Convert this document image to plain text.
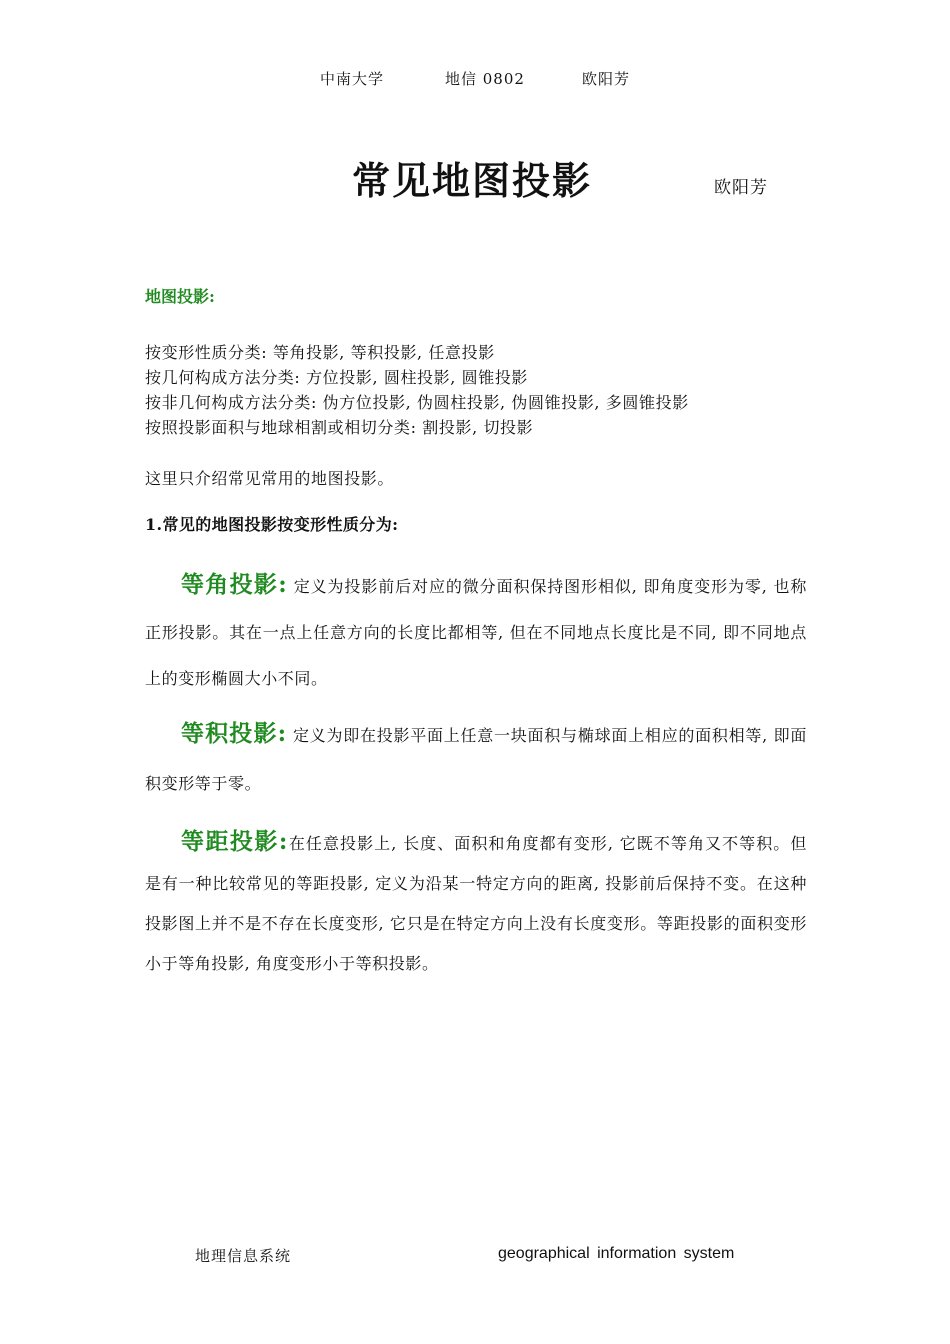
中南大学	地信 0802	欧阳芳
常见地图投影	欧阳芳
地图投影:
按变形性质分类: 等角投影, 等积投影, 任意投影
按几何构成方法分类: 方位投影, 圆柱投影, 圆锥投影
按非几何构成方法分类: 伪方位投影, 伪圆柱投影, 伪圆锥投影, 多圆锥投影
按照投影面积与地球相割或相切分类: 割投影, 切投影
这里只介绍常见常用的地图投影。
1.常见的地图投影按变形性质分为:
等角投影: 定义为投影前后对应的微分面积保持图形相似, 即角度变形为零, 也称正形投影。其在一点上任意方向的长度比都相等, 但在不同地点长度比是不同, 即不同地点上的变形椭圆大小不同。
等积投影: 定义为即在投影平面上任意一块面积与椭球面上相应的面积相等, 即面积变形等于零。
等距投影:在任意投影上, 长度、面积和角度都有变形, 它既不等角又不等积。但是有一种比较常见的等距投影, 定义为沿某一特定方向的距离, 投影前后保持不变。在这种投影图上并不是不存在长度变形, 它只是在特定方向上没有长度变形。等距投影的面积变形小于等角投影, 角度变形小于等积投影。
地理信息系统	geographical information system
